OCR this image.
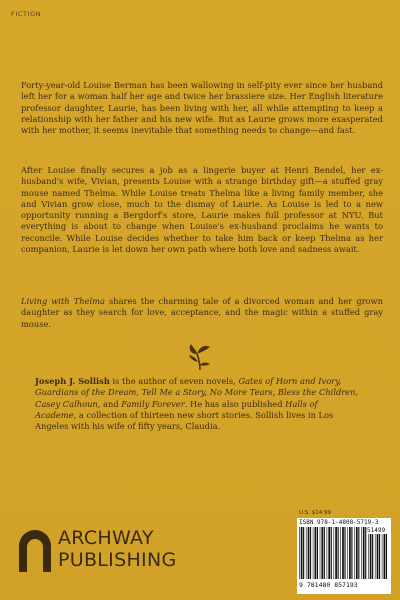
FICTION

Forty-year-old Louise Berman has been wallowing in self-pity ever since her husband left her for a woman half her age and twice her brassiere size. Her English literature professor daughter, Laurie, has been living with her, all while attempting to keep a relationship with her father and his new wife. But as Laurie grows more exasperated with her mother, it seems inevitable that something needs to change—and fast.

After Louise finally secures a job as a lingerie buyer at Henri Bendel, her ex-husband's wife, Vivian, presents Louise with a strange birthday gift—a stuffed gray mouse named Thelma. While Louise treats Thelma like a living family member, she and Vivian grow close, much to the dismay of Laurie. As Louise is led to a new opportunity running a Bergdorf's store, Laurie makes full professor at NYU. But everything is about to change when Louise's ex-husband proclaims he wants to reconcile. While Louise decides whether to take him back or keep Thelma as her companion, Laurie is let down her own path where both love and sadness await.

Living with Thelma shares the charming tale of a divorced woman and her grown daughter as they search for love, acceptance, and the magic within a stuffed gray mouse.

Joseph J. Sollish is the author of seven novels, Gates of Horn and Ivory, Guardians of the Dream, Tell Me a Story, No More Tears, Bless the Children, Casey Calhoun, and Family Forever. He has also published Halls of Academe, a collection of thirteen new short stories. Sollish lives in Los Angeles with his wife of fifty years, Claudia.

ARCHWAY
PUBLISHING
U.S. $14.99
ISBN 978-1-4808-5719-3
51499
9 781480 857193
